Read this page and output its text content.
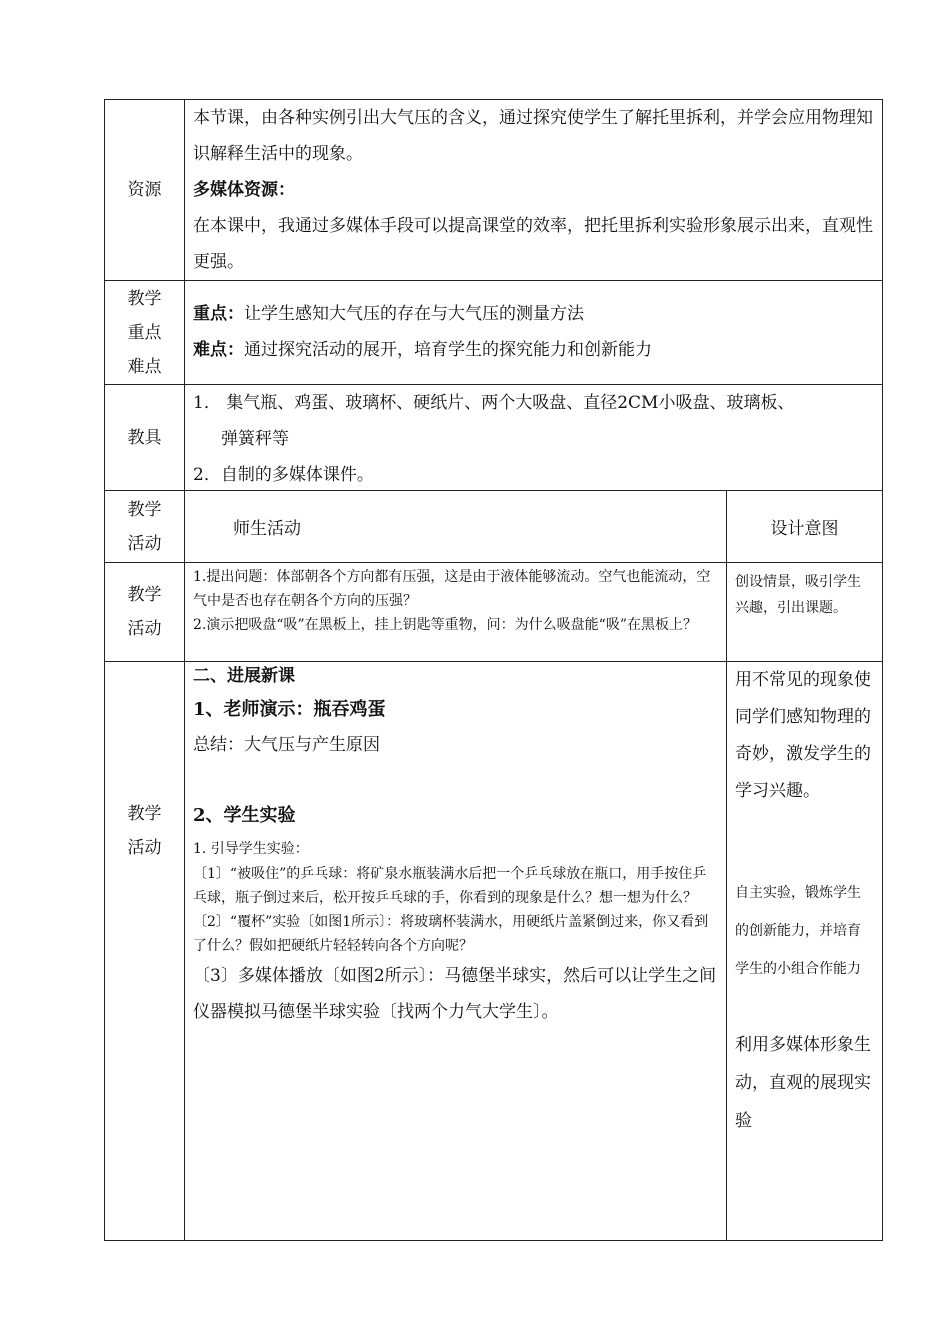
资源

本节课，由各种实例引出大气压的含义，通过探究使学生了解托里拆利，并学会应用物理知识解释生活中的现象。

多媒体资源：

在本课中，我通过多媒体手段可以提高课堂的效率，把托里拆利实验形象展示出来，直观性更强。

教学
重点
难点

重点：让学生感知大气压的存在与大气压的测量方法

难点：通过探究活动的展开，培育学生的探究能力和创新能力

教具

1． 集气瓶、鸡蛋、玻璃杯、硬纸片、两个大吸盘、直径2CM小吸盘、玻璃板、

弹簧秤等

2．自制的多媒体课件。

教学
活动
师生活动	设计意图
教学
活动

1.提出问题：体部朝各个方向都有压强，这是由于液体能够流动。空气也能流动，空气中是否也存在朝各个方向的压强？

2.演示把吸盘“吸”在黑板上，挂上钥匙等重物，问：为什么吸盘能“吸”在黑板上？

创设情景，吸引学生兴趣，引出课题。

教学
活动

二、进展新课

1、老师演示：瓶吞鸡蛋

总结：大气压与产生原因

2、学生实验

1. 引导学生实验：

〔1〕“被吸住”的乒乓球：将矿泉水瓶装满水后把一个乒乓球放在瓶口，用手按住乒乓球，瓶子倒过来后，松开按乒乓球的手，你看到的现象是什么？想一想为什么？

〔2〕“覆杯”实验〔如图1所示〕：将玻璃杯装满水，用硬纸片盖紧倒过来，你又看到了什么？假如把硬纸片轻轻转向各个方向呢？

〔3〕多媒体播放〔如图2所示〕：马德堡半球实，然后可以让学生之间仪器模拟马德堡半球实验〔找两个力气大学生〕。

用不常见的现象使同学们感知物理的奇妙，激发学生的学习兴趣。

自主实验，锻炼学生的创新能力，并培育学生的小组合作能力

利用多媒体形象生动，直观的展现实验
